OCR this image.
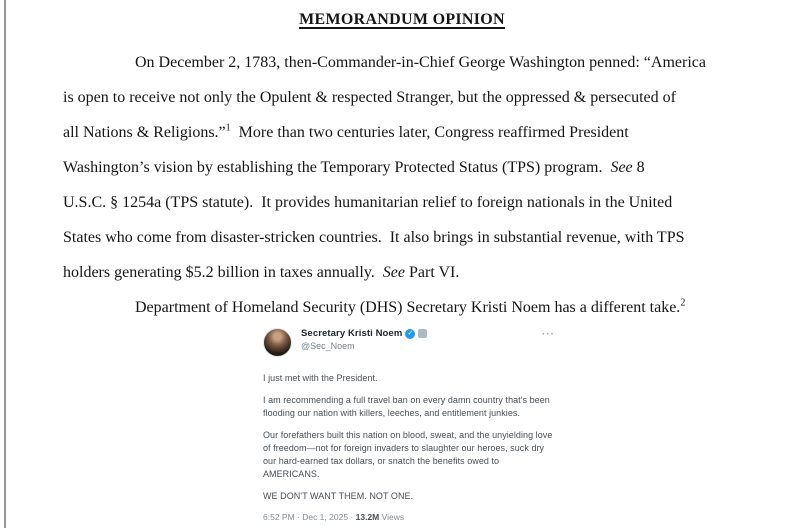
MEMORANDUM OPINION
On December 2, 1783, then-Commander-in-Chief George Washington penned: “America
is open to receive not only the Opulent & respected Stranger, but the oppressed & persecuted of
all Nations & Religions.”$^1$  More than two centuries later, Congress reaffirmed President
Washington’s vision by establishing the Temporary Protected Status (TPS) program.  See 8
U.S.C. § 1254a (TPS statute).  It provides humanitarian relief to foreign nationals in the United
States who come from disaster-stricken countries.  It also brings in substantial revenue, with TPS
holders generating $5.2 billion in taxes annually.  See Part VI.
Department of Homeland Security (DHS) Secretary Kristi Noem has a different take.$^2$
Secretary Kristi Noem ✓
@Sec_Noem
···

I just met with the President.

I am recommending a full travel ban on every damn country that's been flooding our nation with killers, leeches, and entitlement junkies.

Our forefathers built this nation on blood, sweat, and the unyielding love of freedom—not for foreign invaders to slaughter our heroes, suck dry our hard-earned tax dollars, or snatch the benefits owed to AMERICANS.

WE DON'T WANT THEM. NOT ONE.

6:52 PM · Dec 1, 2025 · 13.2M Views
